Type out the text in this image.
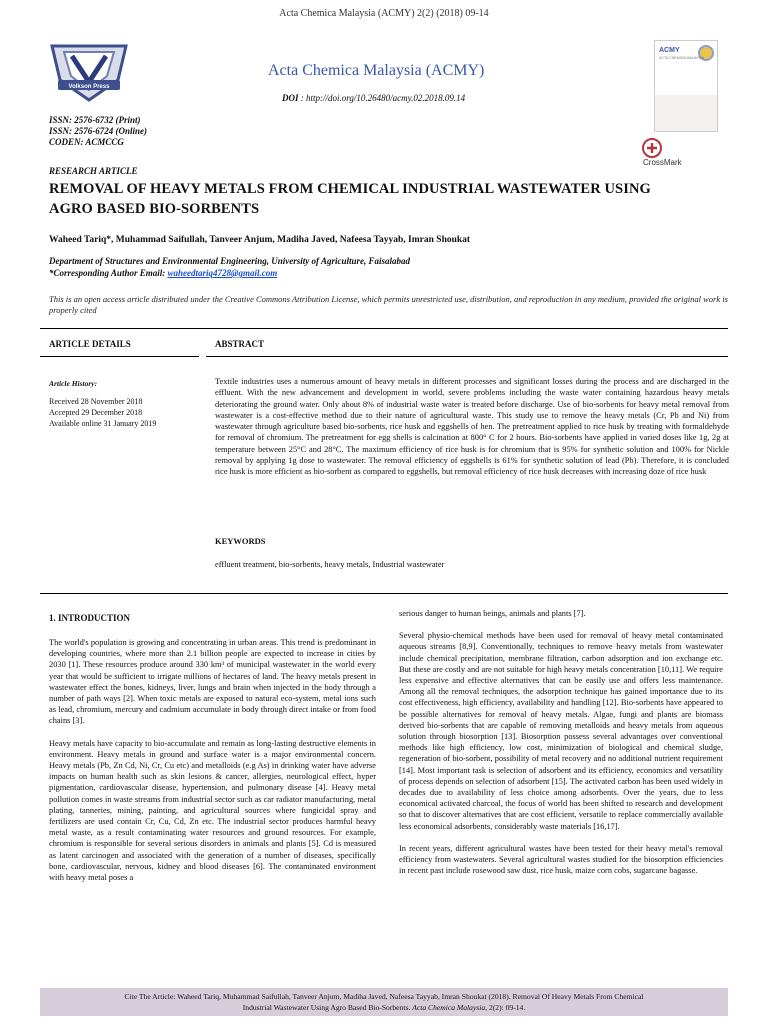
Acta Chemica Malaysia (ACMY) 2(2) (2018) 09-14
Volkson Press
Acta Chemica Malaysia (ACMY)
DOI : http://doi.org/10.26480/acmy.02.2018.09.14
ISSN: 2576-6732 (Print)
ISSN: 2576-6724 (Online)
CODEN: ACMCCG
ACMY
ACTA CHEMICA MALAYSIA
CrossMark
RESEARCH ARTICLE
REMOVAL OF HEAVY METALS FROM CHEMICAL INDUSTRIAL WASTEWATER USING
AGRO BASED BIO-SORBENTS
Waheed Tariq*, Muhammad Saifullah, Tanveer Anjum, Madiha Javed, Nafeesa Tayyab, Imran Shoukat
Department of Structures and Environmental Engineering, University of Agriculture, Faisalabad
*Corresponding Author Email: waheedtariq4728@gmail.com
This is an open access article distributed under the Creative Commons Attribution License, which permits unrestricted use, distribution, and reproduction in any medium, provided the original work is properly cited
ARTICLE DETAILS	ABSTRACT
Article History:
Received 28 November 2018
Accepted 29 December 2018
Available online 31 January 2019
Textile industries uses a numerous amount of heavy metals in different processes and significant losses during the process and are discharged in the effluent. With the new advancement and development in world, severe problems including the waste water containing hazardous heavy metals deteriorating the ground water. Only about 8% of industrial waste water is treated before discharge. Use of bio-sorbents for heavy metal removal from wastewater is a cost-effective method due to their nature of agricultural waste. This study use to remove the heavy metals (Cr, Pb and Ni) from wastewater through agriculture based bio-sorbents, rice husk and eggshells of hen. The pretreatment applied to rice husk by treating with formaldehyde for removal of chromium. The pretreatment for egg shells is calcination at 800° C for 2 hours. Bio-sorbents have applied in varied doses like 1g, 2g at temperature between 25°C and 28°C. The maximum efficiency of rice husk is for chromium that is 95% for synthetic solution and 100% for Nickle removal by applying 1g dose to wastewater. The removal efficiency of eggshells is 61% for synthetic solution of lead (Pb). Therefore, it is concluded rice husk is more efficient as bio-sorbent as compared to eggshells, but removal efficiency of rice husk decreases with increasing doze of rice husk
KEYWORDS
effluent treatment, bio-sorbents, heavy metals, Industrial wastewater
1. INTRODUCTION

The world's population is growing and concentrating in urban areas. This trend is predominant in developing countries, where more than 2.1 billion people are expected to increase in cities by 2030 [1]. These resources produce around 330 km³ of municipal wastewater in the world every year that would be sufficient to irrigate millions of hectares of land. The heavy metals present in wastewater effect the bones, kidneys, liver, lungs and brain when injected in the body through a number of path ways [2]. When toxic metals are exposed to natural eco-system, metal ions such as lead, chromium, mercury and cadmium accumulate in body through direct intake or from food chains [3].

Heavy metals have capacity to bio-accumulate and remain as long-lasting destructive elements in environment. Heavy metals in ground and surface water is a major environmental concern. Heavy metals (Pb, Zn Cd, Ni, Cr, Cu etc) and metalloids (e.g As) in drinking water have adverse impacts on human health such as skin lesions & cancer, allergies, neurological effect, hyper pigmentation, cardiovascular disease, hypertension, and pulmonary disease [4]. Heavy metal pollution comes in waste streams from industrial sector such as car radiator manufacturing, metal plating, tanneries, mining, painting, and agricultural sources where fungicidal spray and fertilizers are used contain Cr, Cu, Cd, Zn etc. The industrial sector produces harmful heavy metal waste, as a result contaminating water resources and ground resources. For example, chromium is responsible for several serious disorders in animals and plants [5]. Cd is measured as latent carcinogen and associated with the generation of a number of diseases, specifically bone, cardiovascular, nervous, kidney and blood diseases [6]. The contaminated environment with heavy metal poses a

serious danger to human beings, animals and plants [7].

Several physio-chemical methods have been used for removal of heavy metal contaminated aqueous streams [8,9]. Conventionally, techniques to remove heavy metals from wastewater include chemical precipitation, membrane filtration, carbon adsorption and ion exchange etc. But these are costly and are not suitable for high heavy metals concentration [10,11]. We require less expensive and effective alternatives that can be easily use and offers less maintenance. Among all the removal techniques, the adsorption technique has gained importance due to its cost effectiveness, high efficiency, availability and handling [12]. Bio-sorbents have appeared to be possible alternatives for removal of heavy metals. Algae, fungi and plants are biomass derived bio-sorbents that are capable of removing metalloids and heavy metals from aqueous solution through biosorption [13]. Biosorption possess several advantages over conventional methods like high efficiency, low cost, minimization of biological and chemical sludge, regeneration of bio-sorbent, possibility of metal recovery and no additional nutrient requirement [14]. Most important task is selection of adsorbent and its efficiency, economics and versatility of process depends on selection of adsorbent [15]. The activated carbon has been used widely in decades due to availability of less choice among adsorbents. Over the years, due to less economical activated charcoal, the focus of world has been shifted to research and development so that to discover alternatives that are cost efficient, versatile to replace commercially available less economical adsorbents, considerably waste materials [16,17].

In recent years, different agricultural wastes have been tested for their heavy metal's removal efficiency from wastewaters. Several agricultural wastes studied for the biosorption efficiencies in recent past include rosewood saw dust, rice husk, maize corn cobs, sugarcane bagasse.

Cite The Article: Waheed Tariq, Muhammad Saifullah, Tanveer Anjum, Madiha Javed, Nafeesa Tayyab, Imran Shoukat (2018). Removal Of Heavy Metals From Chemical
Industrial Wastewater Using Agro Based Bio-Sorbents. Acta Chemica Malaysia, 2(2): 09-14.
